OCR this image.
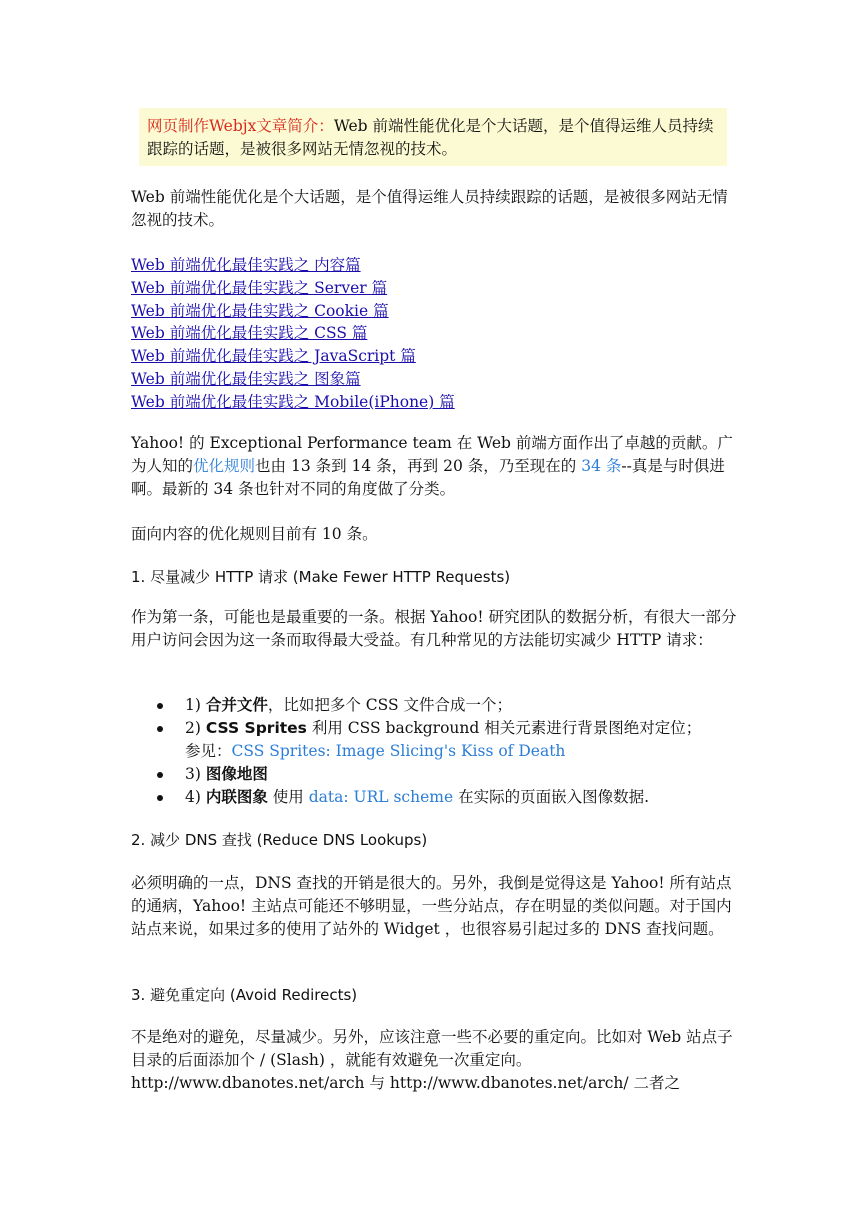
网页制作Webjx文章简介：Web 前端性能优化是个大话题，是个值得运维人员持续跟踪的话题，是被很多网站无情忽视的技术。
Web 前端性能优化是个大话题，是个值得运维人员持续跟踪的话题，是被很多网站无情忽视的技术。
Web 前端优化最佳实践之 内容篇
Web 前端优化最佳实践之 Server 篇
Web 前端优化最佳实践之 Cookie 篇
Web 前端优化最佳实践之 CSS 篇
Web 前端优化最佳实践之 JavaScript 篇
Web 前端优化最佳实践之 图象篇
Web 前端优化最佳实践之 Mobile(iPhone) 篇
Yahoo! 的 Exceptional Performance team 在 Web 前端方面作出了卓越的贡献。广为人知的优化规则也由 13 条到 14 条，再到 20 条，乃至现在的 34 条--真是与时俱进啊。最新的 34 条也针对不同的角度做了分类。
面向内容的优化规则目前有 10 条。
1. 尽量减少 HTTP 请求 (Make Fewer HTTP Requests)
作为第一条，可能也是最重要的一条。根据 Yahoo! 研究团队的数据分析，有很大一部分用户访问会因为这一条而取得最大受益。有几种常见的方法能切实减少 HTTP 请求：
1) 合并文件，比如把多个 CSS 文件合成一个；
2) CSS Sprites 利用 CSS background 相关元素进行背景图绝对定位；
参见：CSS Sprites: Image Slicing's Kiss of Death
3) 图像地图
4) 内联图象 使用 data: URL scheme 在实际的页面嵌入图像数据.
2. 减少 DNS 查找 (Reduce DNS Lookups)
必须明确的一点，DNS 查找的开销是很大的。另外，我倒是觉得这是 Yahoo! 所有站点的通病，Yahoo! 主站点可能还不够明显，一些分站点，存在明显的类似问题。对于国内站点来说，如果过多的使用了站外的 Widget ，也很容易引起过多的 DNS 查找问题。
3. 避免重定向 (Avoid Redirects)
不是绝对的避免，尽量减少。另外，应该注意一些不必要的重定向。比如对 Web 站点子目录的后面添加个 / (Slash) ，就能有效避免一次重定向。
http://www.dbanotes.net/arch 与 http://www.dbanotes.net/arch/ 二者之
